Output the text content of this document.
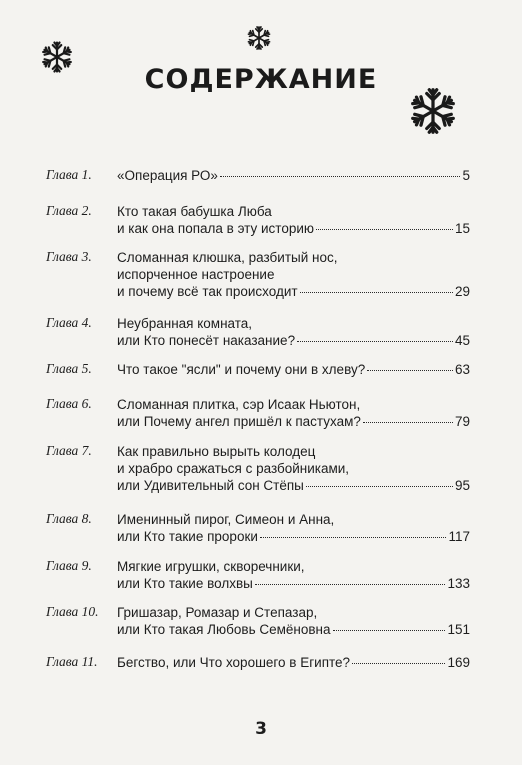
СОДЕРЖАНИЕ
Глава 1. «Операция РО»	5
Глава 2. Кто такая бабушка Люба
и как она попала в эту историю	15
Глава 3. Сломанная клюшка, разбитый нос,
испорченное настроение
и почему всё так происходит	29
Глава 4. Неубранная комната,
или Кто понесёт наказание?	45
Глава 5. Что такое "ясли" и почему они в хлеву?	63
Глава 6. Сломанная плитка, сэр Исаак Ньютон,
или Почему ангел пришёл к пастухам?	79
Глава 7. Как правильно вырыть колодец
и храбро сражаться с разбойниками,
или Удивительный сон Стёпы	95
Глава 8. Именинный пирог, Симеон и Анна,
или Кто такие пророки	117
Глава 9. Мягкие игрушки, скворечники,
или Кто такие волхвы	133
Глава 10. Гришазар, Ромазар и Степазар,
или Кто такая Любовь Семёновна	151
Глава 11. Бегство, или Что хорошего в Египте?	169
3
